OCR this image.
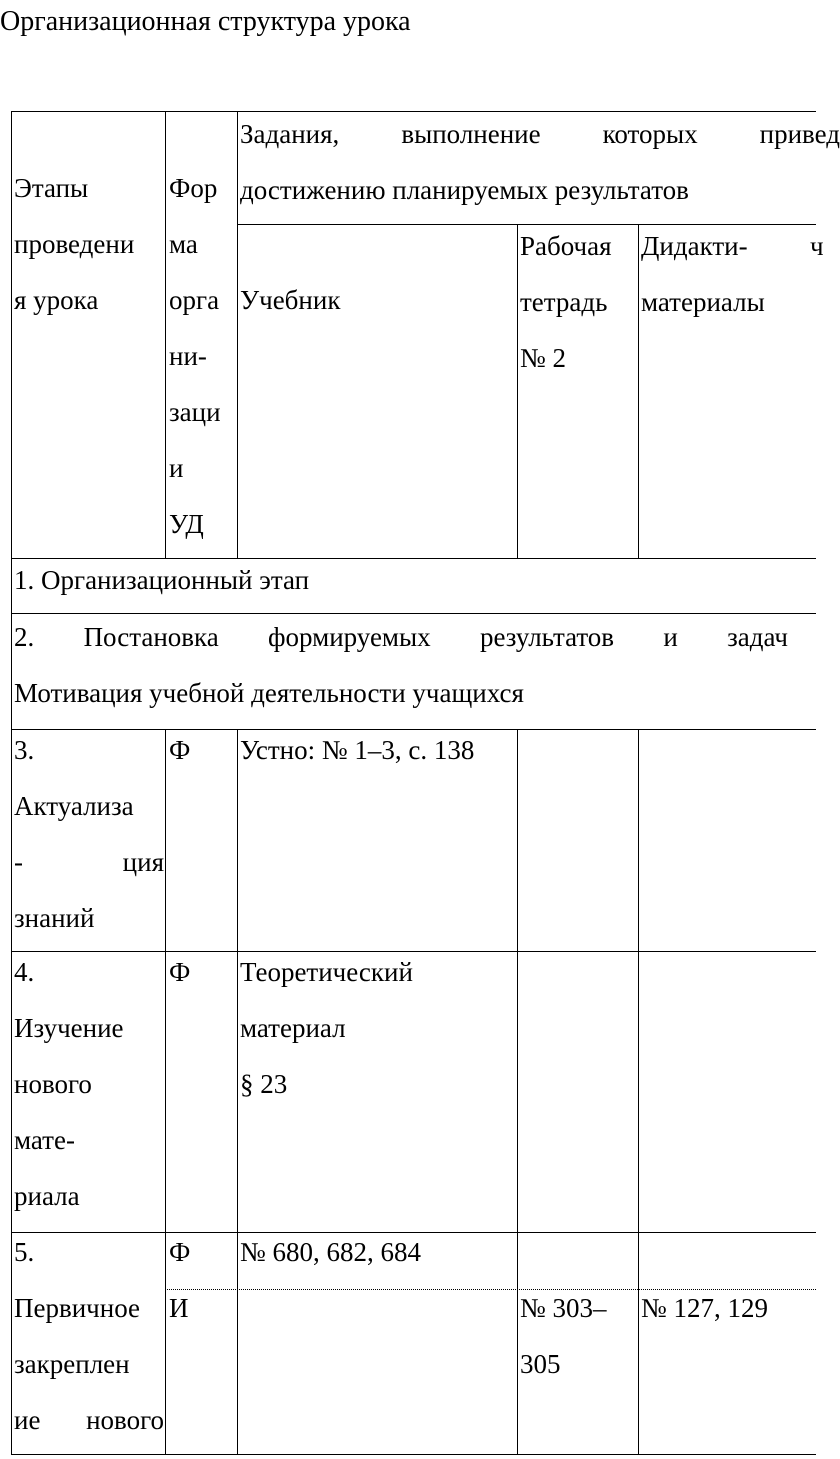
Организационная структура урока
Этапы
проведени
я урока
Фор
ма
орга
ни-
заци
и
УД
Задания, выполнение которых привед
достижению планируемых результатов
Учебник
Рабочая
тетрадь
№ 2
Дидакти-
материалы
ч
1. Организационный этап
2. Постановка формируемых результатов и задач
Мотивация учебной деятельности учащихся
3.
Актуализа
- ция
знаний
Ф Устно: № 1–3, с. 138
4.
Изучение
нового
мате-
риала
Ф Теоретический
материал
§ 23
5.
Первичное
закреплен
ие нового
Ф № 680, 682, 684
И	№ 303–
305
№ 127, 129
